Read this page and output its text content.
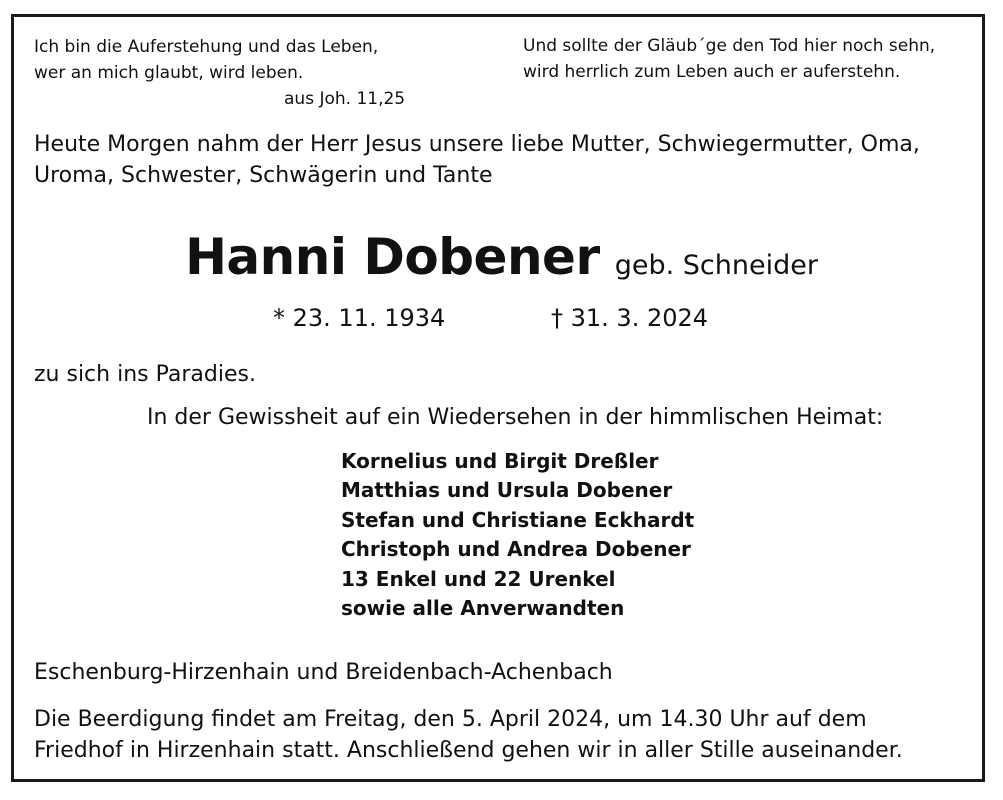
Ich bin die Auferstehung und das Leben,
wer an mich glaubt, wird leben.
aus Joh. 11,25
Und sollte der Gläub´ge den Tod hier noch sehn,
wird herrlich zum Leben auch er auferstehn.
Heute Morgen nahm der Herr Jesus unsere liebe Mutter, Schwiegermutter, Oma,
Uroma, Schwester, Schwägerin und Tante
Hanni Dobener geb. Schneider
* 23. 11. 1934	† 31. 3. 2024
zu sich ins Paradies.
In der Gewissheit auf ein Wiedersehen in der himmlischen Heimat:
Kornelius und Birgit Dreßler
Matthias und Ursula Dobener
Stefan und Christiane Eckhardt
Christoph und Andrea Dobener
13 Enkel und 22 Urenkel
sowie alle Anverwandten
Eschenburg-Hirzenhain und Breidenbach-Achenbach
Die Beerdigung findet am Freitag, den 5. April 2024, um 14.30 Uhr auf dem
Friedhof in Hirzenhain statt. Anschließend gehen wir in aller Stille auseinander.
